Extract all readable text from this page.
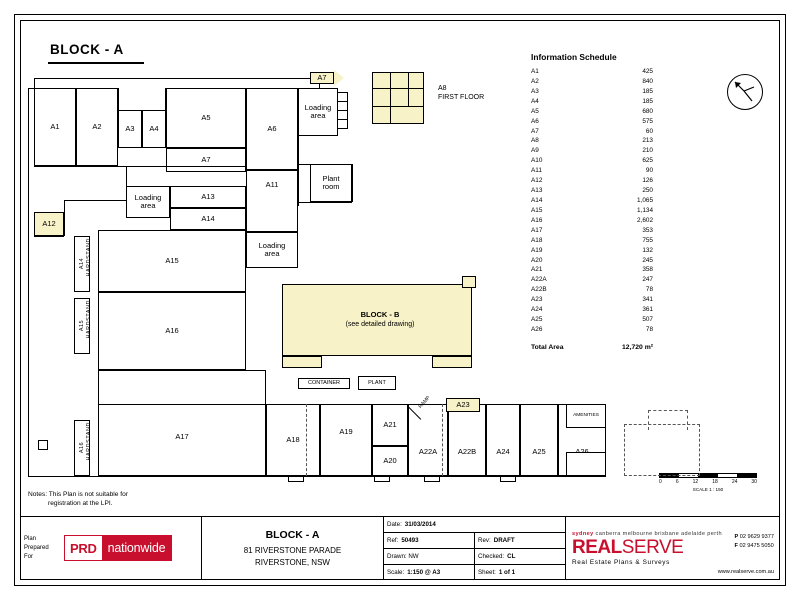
BLOCK - A	Information Schedule
A1	425
A2	840
A3	185
A4	185
A5	680
A6	575
A7	60
A8	213
A9	210
A10	625
A11	90
A12	126
A13	250
A14	1,065
A15	1,134
A16	2,602
A17	353
A18	755
A19	132
A20	245
A21	358
A22A	247
A22B	78
A23	341
A24	361
A25	507
A26	78
Total Area	12,720 m²
0	6	12	18	24	30
SCALE 1 : 150
Notes: This Plan is not suitable for
registration at the LPI.
A1	A2	A3 A4
A5
A6
A7
A7
Loading
area
A8
FIRST FLOOR
Plant
room
A11
Loading
area
A13
A14
A12
A14 HARDSTAND
A15 HARDSTAND
A16 HARDSTAND
A15
A16
Loading
area
A17
BLOCK - B
(see detailed drawing)
CONTAINER	PLANT
A18
A19
A21
A20
A22A	A22B
A23
A24	A25
AMENITIES
RAMP
Plan
Prepared
For
PRD nationwide
BLOCK - A
81 RIVERSTONE PARADE
RIVERSTONE, NSW
Date: 31/03/2014
Ref: 50493	Rev: DRAFT
Drawn: NW	Checked: CL
Scale: 1:150 @ A3	Sheet: 1 of 1
sydney canberra melbourne brisbane adelaide perth
REALSERVE
Real Estate Plans & Surveys
P 02 9629 9377
F 02 9475 5050
www.realserve.com.au
